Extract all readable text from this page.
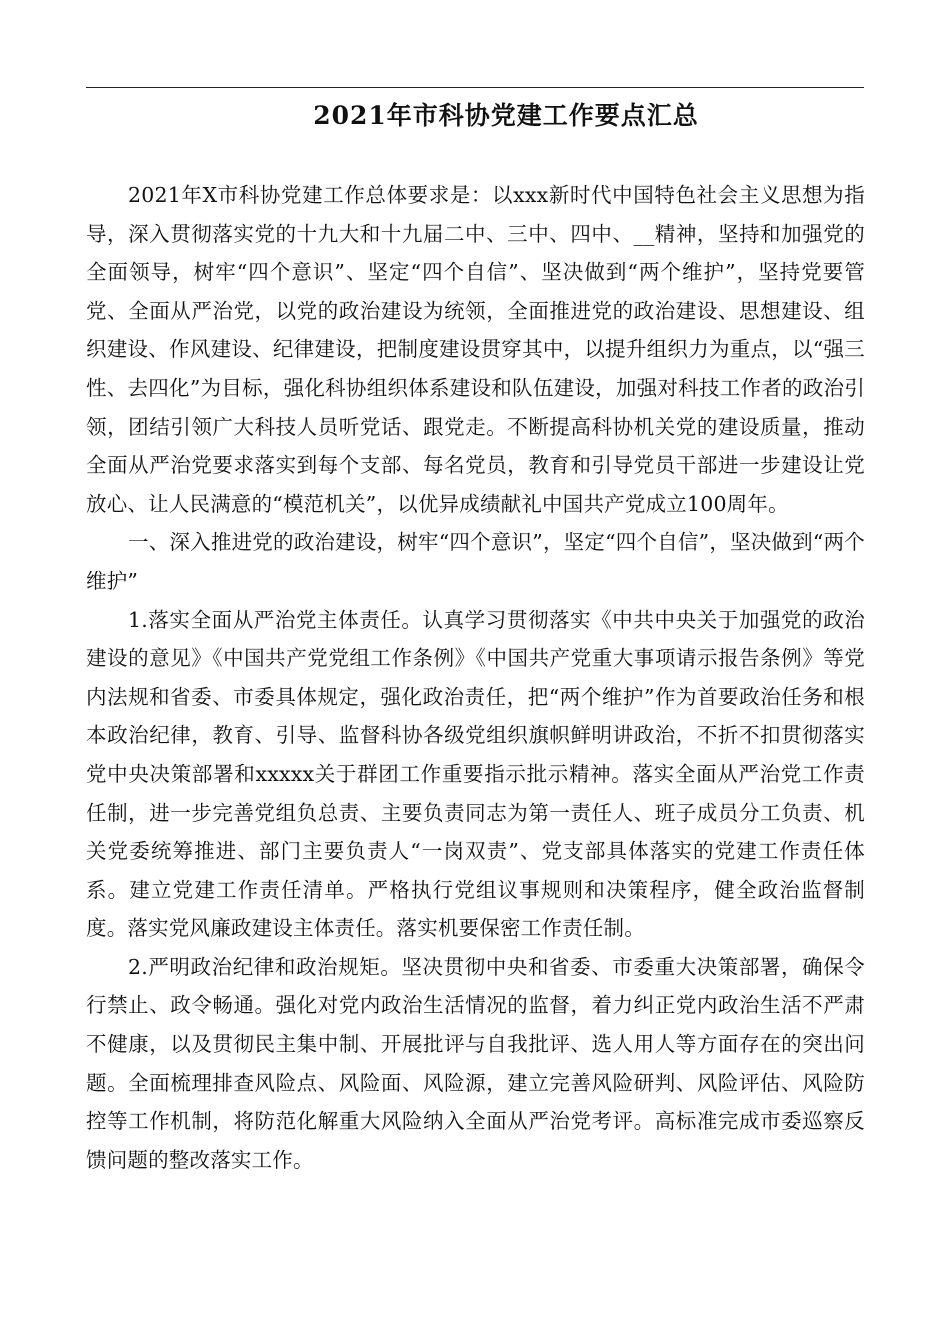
2021年市科协党建工作要点汇总

2021年X市科协党建工作总体要求是：以xxx新时代中国特色社会主义思想为指导，深入贯彻落实党的十九大和十九届二中、三中、四中、__精神，坚持和加强党的全面领导，树牢“四个意识”、坚定“四个自信”、坚决做到“两个维护”，坚持党要管党、全面从严治党，以党的政治建设为统领，全面推进党的政治建设、思想建设、组织建设、作风建设、纪律建设，把制度建设贯穿其中，以提升组织力为重点，以“强三性、去四化”为目标，强化科协组织体系建设和队伍建设，加强对科技工作者的政治引领，团结引领广大科技人员听党话、跟党走。不断提高科协机关党的建设质量，推动全面从严治党要求落实到每个支部、每名党员，教育和引导党员干部进一步建设让党放心、让人民满意的“模范机关”，以优异成绩献礼中国共产党成立100周年。

一、深入推进党的政治建设，树牢“四个意识”，坚定“四个自信”，坚决做到“两个维护”

1.落实全面从严治党主体责任。认真学习贯彻落实《中共中央关于加强党的政治建设的意见》《中国共产党党组工作条例》《中国共产党重大事项请示报告条例》等党内法规和省委、市委具体规定，强化政治责任，把“两个维护”作为首要政治任务和根本政治纪律，教育、引导、监督科协各级党组织旗帜鲜明讲政治，不折不扣贯彻落实党中央决策部署和xxxxx关于群团工作重要指示批示精神。落实全面从严治党工作责任制，进一步完善党组负总责、主要负责同志为第一责任人、班子成员分工负责、机关党委统筹推进、部门主要负责人“一岗双责”、党支部具体落实的党建工作责任体系。建立党建工作责任清单。严格执行党组议事规则和决策程序，健全政治监督制度。落实党风廉政建设主体责任。落实机要保密工作责任制。

2.严明政治纪律和政治规矩。坚决贯彻中央和省委、市委重大决策部署，确保令行禁止、政令畅通。强化对党内政治生活情况的监督，着力纠正党内政治生活不严肃不健康，以及贯彻民主集中制、开展批评与自我批评、选人用人等方面存在的突出问题。全面梳理排查风险点、风险面、风险源，建立完善风险研判、风险评估、风险防控等工作机制，将防范化解重大风险纳入全面从严治党考评。高标准完成市委巡察反馈问题的整改落实工作。
